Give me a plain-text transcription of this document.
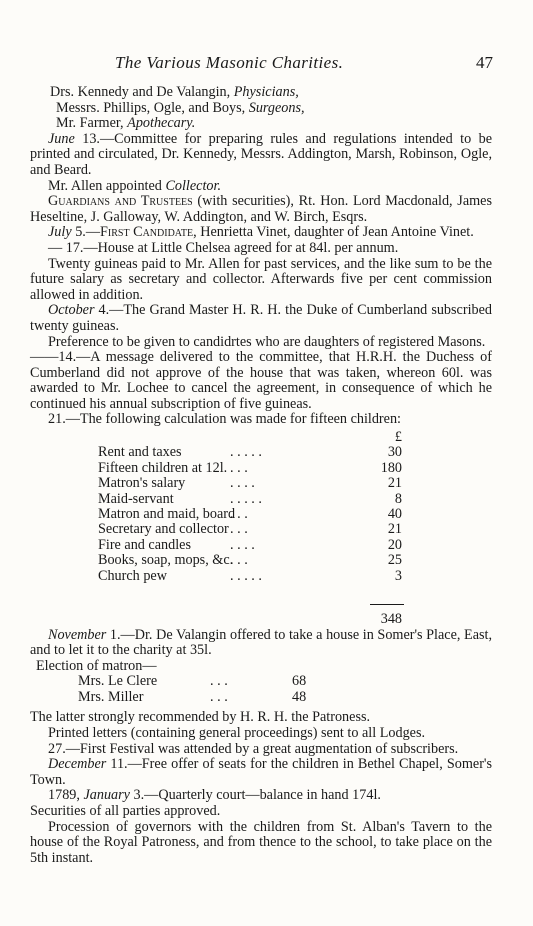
The Various Masonic Charities.	47

Drs. Kennedy and De Valangin, Physicians,

Messrs. Phillips, Ogle, and Boys, Surgeons,

Mr. Farmer, Apothecary.

June 13.—Committee for preparing rules and regulations intended to be printed and circulated, Dr. Kennedy, Messrs. Addington, Marsh, Robinson, Ogle, and Beard.

Mr. Allen appointed Collector.

Guardians and Trustees (with securities), Rt. Hon. Lord Macdonald, James Heseltine, J. Galloway, W. Addington, and W. Birch, Esqrs.

July 5.—First Candidate, Henrietta Vinet, daughter of Jean Antoine Vinet.

— 17.—House at Little Chelsea agreed for at 84l. per annum.

Twenty guineas paid to Mr. Allen for past services, and the like sum to be the future salary as secretary and collector. Afterwards five per cent commission allowed in addition.

October 4.—The Grand Master H. R. H. the Duke of Cumberland subscribed twenty guineas.

Preference to be given to candidrtes who are daughters of registered Masons.

——14.—A message delivered to the committee, that H.R.H. the Duchess of Cumberland did not approve of the house that was taken, whereon 60l. was awarded to Mr. Lochee to cancel the agreement, in consequence of which he continued his annual subscription of five guineas.

21.—The following calculation was made for fifteen children:

Rent and taxes
Fifteen children at 12l.
Matron's salary
Maid-servant
Matron and maid, board
Secretary and collector
Fire and candles
Books, soap, mops, &c.
Church pew
. . . . .
. . .
. . . .
. . . . .
. . .
. . .
. . . .
. . .
. . . . .
£
30
180
21
8
40
21
20
25
3
348

November 1.—Dr. De Valangin offered to take a house in Somer's Place, East, and to let it to the charity at 35l.

Election of matron—

Mrs. Le Clere
Mrs. Miller
. . .
. . .
68
48

The latter strongly recommended by H. R. H. the Patroness.

Printed letters (containing general proceedings) sent to all Lodges.

27.—First Festival was attended by a great augmentation of subscribers.

December 11.—Free offer of seats for the children in Bethel Chapel, Somer's Town.

1789, January 3.—Quarterly court—balance in hand 174l.

Securities of all parties approved.

Procession of governors with the children from St. Alban's Tavern to the house of the Royal Patroness, and from thence to the school, to take place on the 5th instant.
